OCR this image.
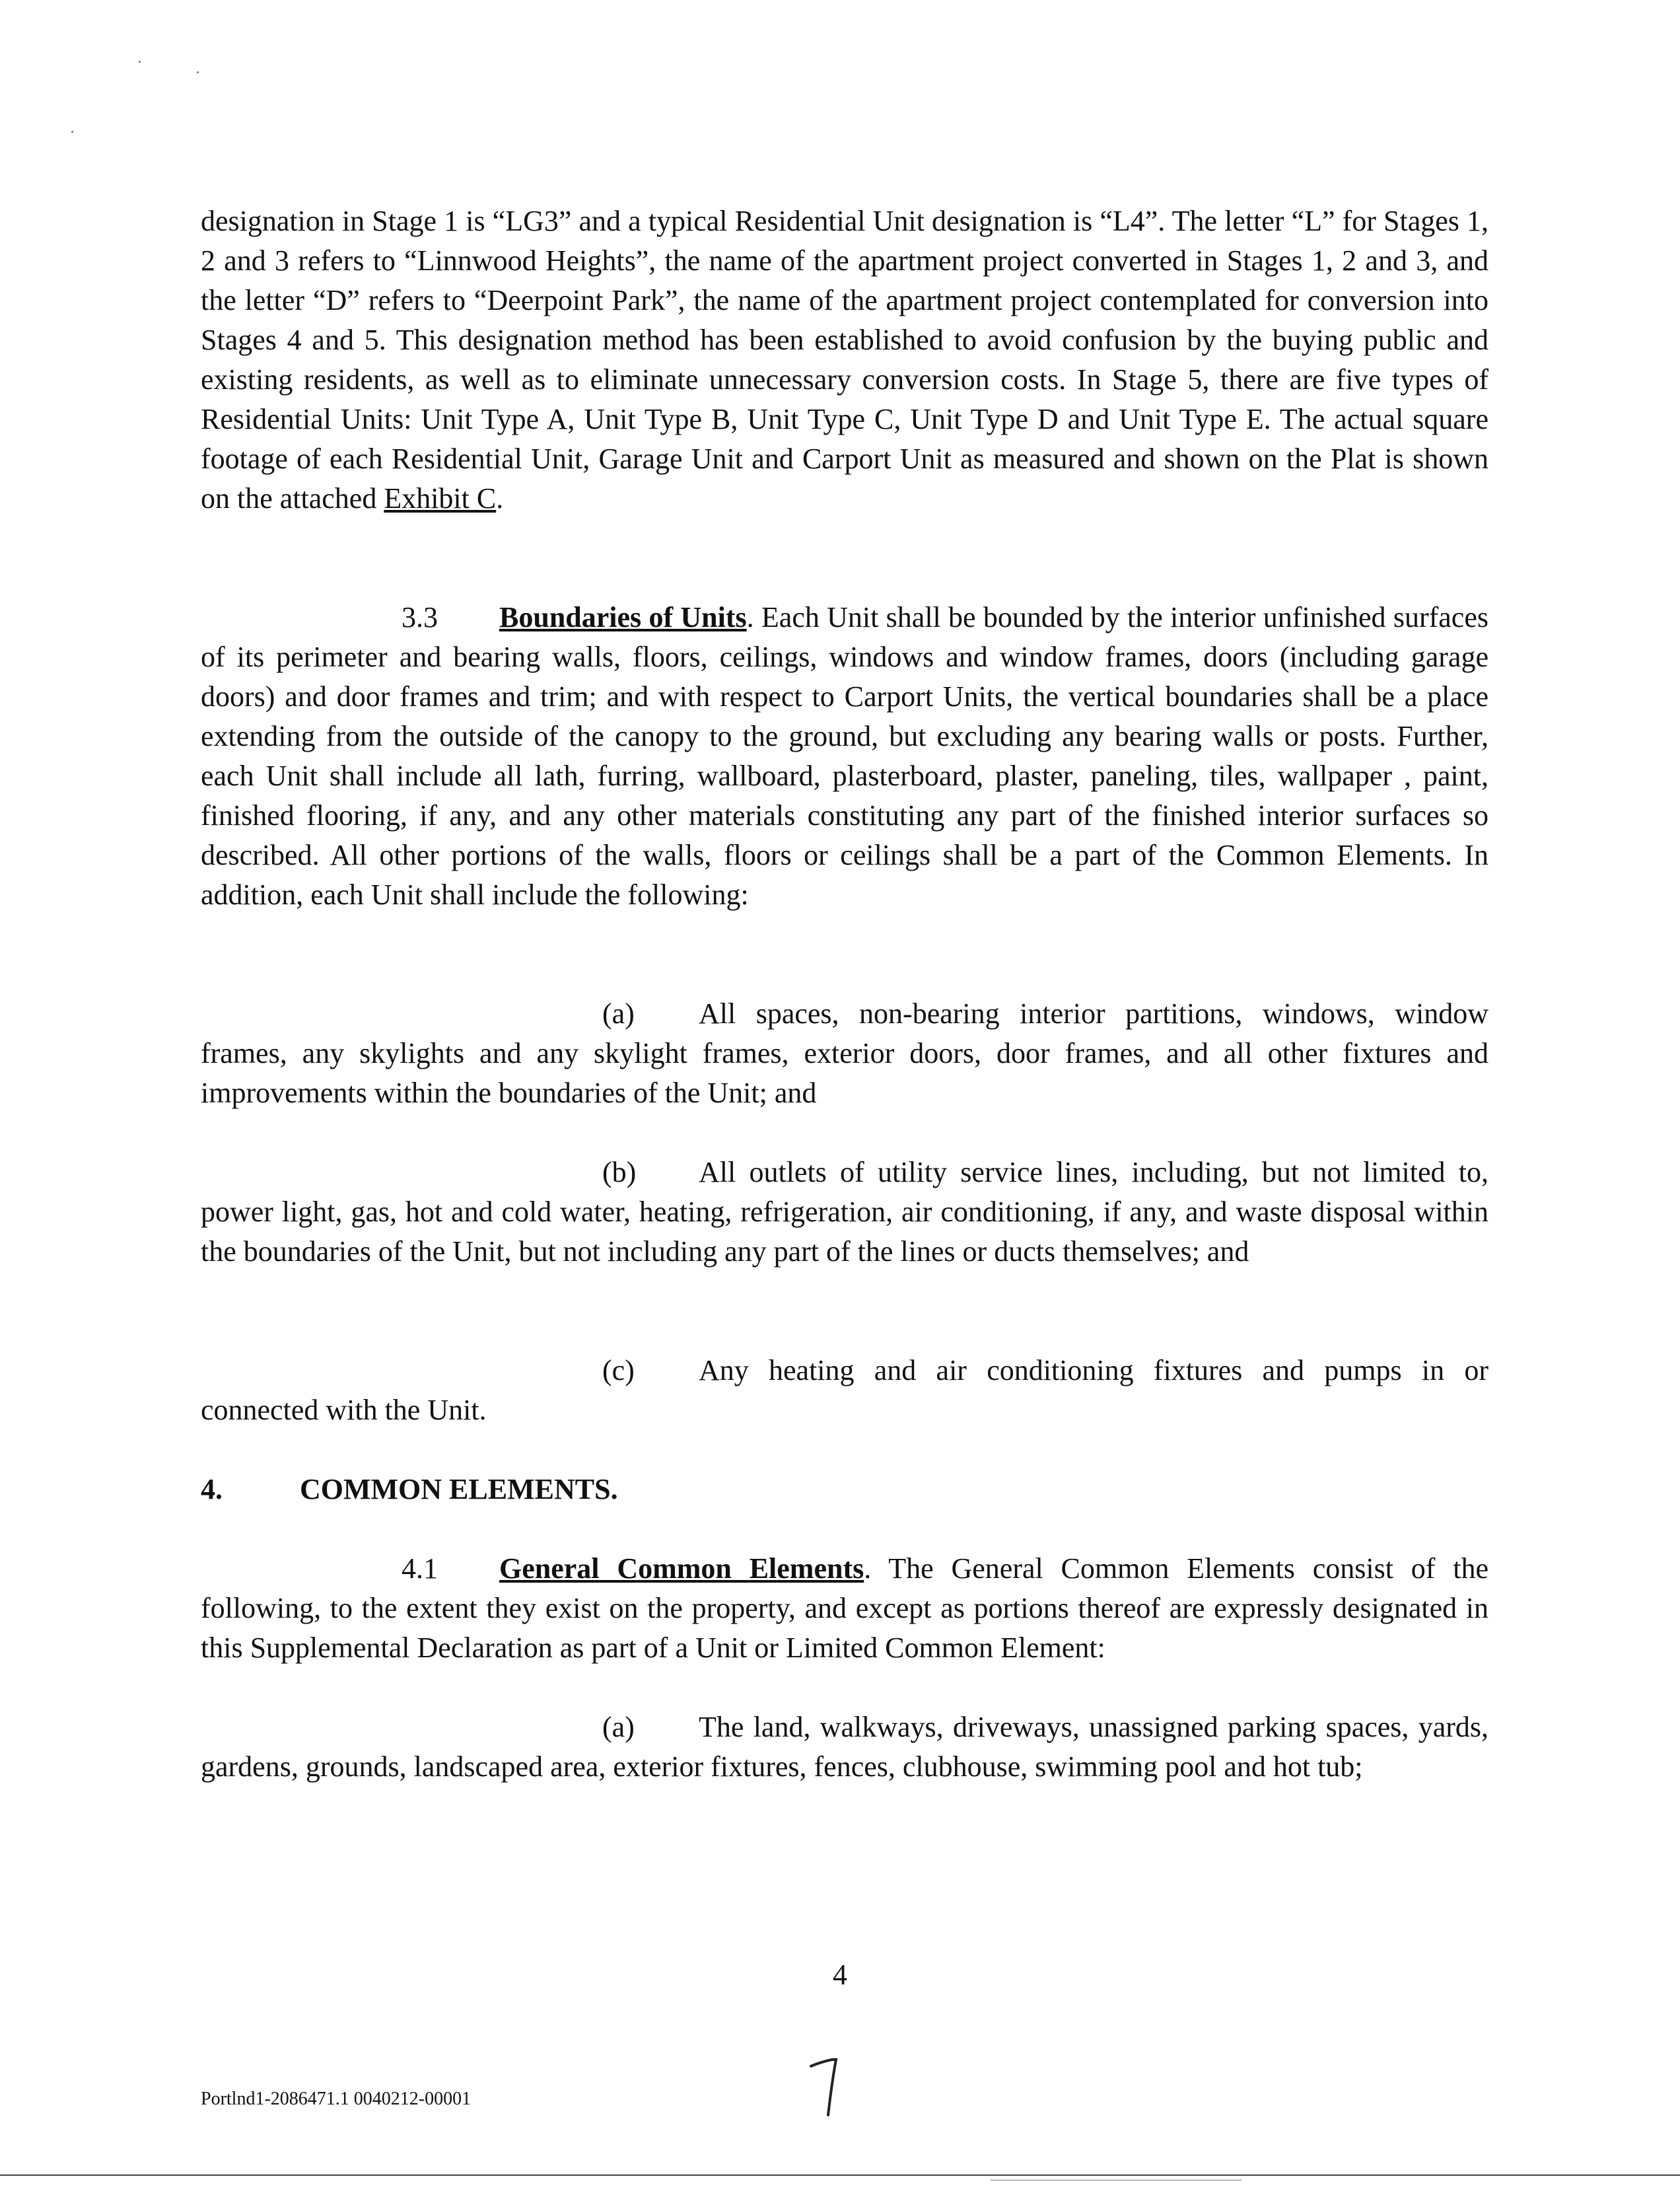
designation in Stage 1 is “LG3” and a typical Residential Unit designation is “L4”. The letter “L” for Stages 1, 2 and 3 refers to “Linnwood Heights”, the name of the apartment project converted in Stages 1, 2 and 3, and the letter “D” refers to “Deerpoint Park”, the name of the apartment project contemplated for conversion into Stages 4 and 5. This designation method has been established to avoid confusion by the buying public and existing residents, as well as to eliminate unnecessary conversion costs. In Stage 5, there are five types of Residential Units: Unit Type A, Unit Type B, Unit Type C, Unit Type D and Unit Type E. The actual square footage of each Residential Unit, Garage Unit and Carport Unit as measured and shown on the Plat is shown on the attached Exhibit C.

3.3 Boundaries of Units. Each Unit shall be bounded by the interior unfinished surfaces of its perimeter and bearing walls, floors, ceilings, windows and window frames, doors (including garage doors) and door frames and trim; and with respect to Carport Units, the vertical boundaries shall be a place extending from the outside of the canopy to the ground, but excluding any bearing walls or posts. Further, each Unit shall include all lath, furring, wallboard, plasterboard, plaster, paneling, tiles, wallpaper , paint, finished flooring, if any, and any other materials constituting any part of the finished interior surfaces so described. All other portions of the walls, floors or ceilings shall be a part of the Common Elements. In addition, each Unit shall include the following:

(a) All spaces, non-bearing interior partitions, windows, window frames, any skylights and any skylight frames, exterior doors, door frames, and all other fixtures and improvements within the boundaries of the Unit; and

(b) All outlets of utility service lines, including, but not limited to, power light, gas, hot and cold water, heating, refrigeration, air conditioning, if any, and waste disposal within the boundaries of the Unit, but not including any part of the lines or ducts themselves; and

(c) Any heating and air conditioning fixtures and pumps in or connected with the Unit.

4.	COMMON ELEMENTS.

4.1 General Common Elements. The General Common Elements consist of the following, to the extent they exist on the property, and except as portions thereof are expressly designated in this Supplemental Declaration as part of a Unit or Limited Common Element:

(a) The land, walkways, driveways, unassigned parking spaces, yards, gardens, grounds, landscaped area, exterior fixtures, fences, clubhouse, swimming pool and hot tub;

4
Portlnd1-2086471.1 0040212-00001
